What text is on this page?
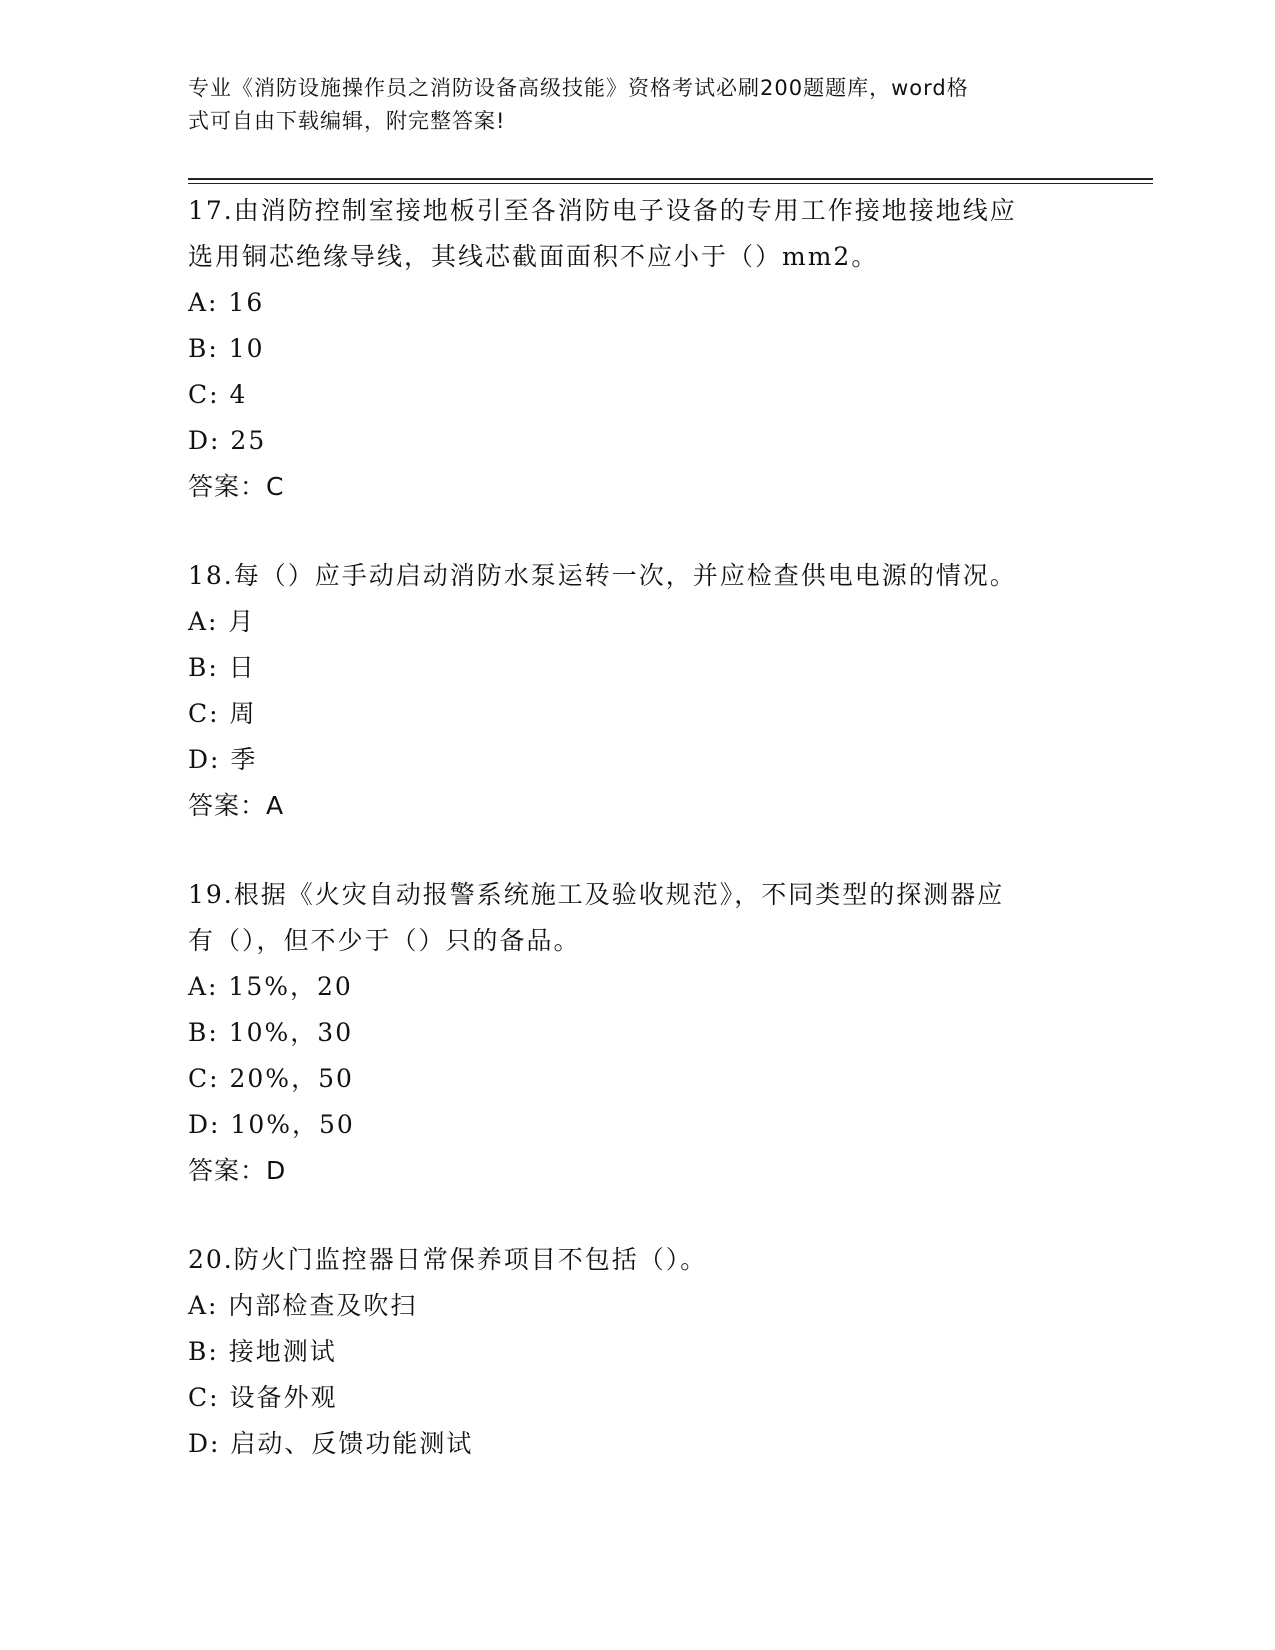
专业《消防设施操作员之消防设备高级技能》资格考试必刷200题题库，word格
式可自由下载编辑，附完整答案!

17.由消防控制室接地板引至各消防电子设备的专用工作接地接地线应

选用铜芯绝缘导线，其线芯截面面积不应小于（）mm2。

A: 16

B: 10

C: 4

D: 25

答案：C

18.每（）应手动启动消防水泵运转一次，并应检查供电电源的情况。

A: 月

B: 日

C: 周

D: 季

答案：A

19.根据《火灾自动报警系统施工及验收规范》，不同类型的探测器应

有（），但不少于（）只的备品。

A: 15%，20

B: 10%，30

C: 20%，50

D: 10%，50

答案：D

20.防火门监控器日常保养项目不包括（）。

A: 内部检查及吹扫

B: 接地测试

C: 设备外观

D: 启动、反馈功能测试
